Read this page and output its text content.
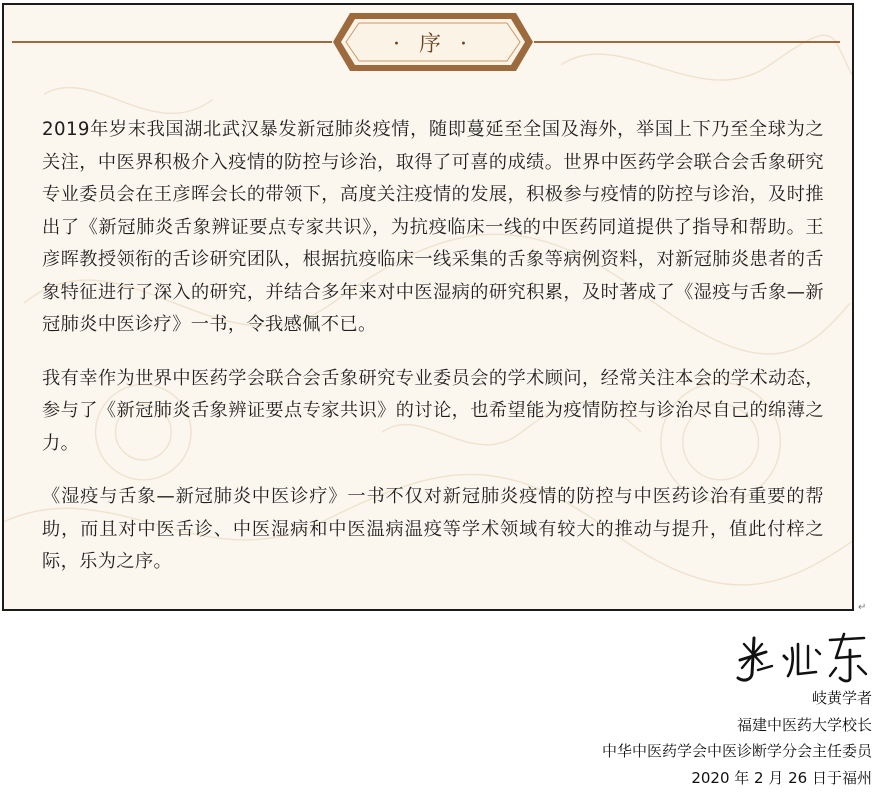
· 序 ·

2019年岁末我国湖北武汉暴发新冠肺炎疫情，随即蔓延至全国及海外，举国上下乃至全球为之关注，中医界积极介入疫情的防控与诊治，取得了可喜的成绩。世界中医药学会联合会舌象研究专业委员会在王彦晖会长的带领下，高度关注疫情的发展，积极参与疫情的防控与诊治，及时推出了《新冠肺炎舌象辨证要点专家共识》，为抗疫临床一线的中医药同道提供了指导和帮助。王彦晖教授领衔的舌诊研究团队，根据抗疫临床一线采集的舌象等病例资料，对新冠肺炎患者的舌象特征进行了深入的研究，并结合多年来对中医湿病的研究积累，及时著成了《湿疫与舌象—新冠肺炎中医诊疗》一书，令我感佩不已。

我有幸作为世界中医药学会联合会舌象研究专业委员会的学术顾问，经常关注本会的学术动态，参与了《新冠肺炎舌象辨证要点专家共识》的讨论，也希望能为疫情防控与诊治尽自己的绵薄之力。

《湿疫与舌象—新冠肺炎中医诊疗》一书不仅对新冠肺炎疫情的防控与中医药诊治有重要的帮助，而且对中医舌诊、中医湿病和中医温病温疫等学术领域有较大的推动与提升，值此付梓之际，乐为之序。

↵
岐黄学者
福建中医药大学校长
中华中医药学会中医诊断学分会主任委员
2020 年 2 月 26 日于福州
